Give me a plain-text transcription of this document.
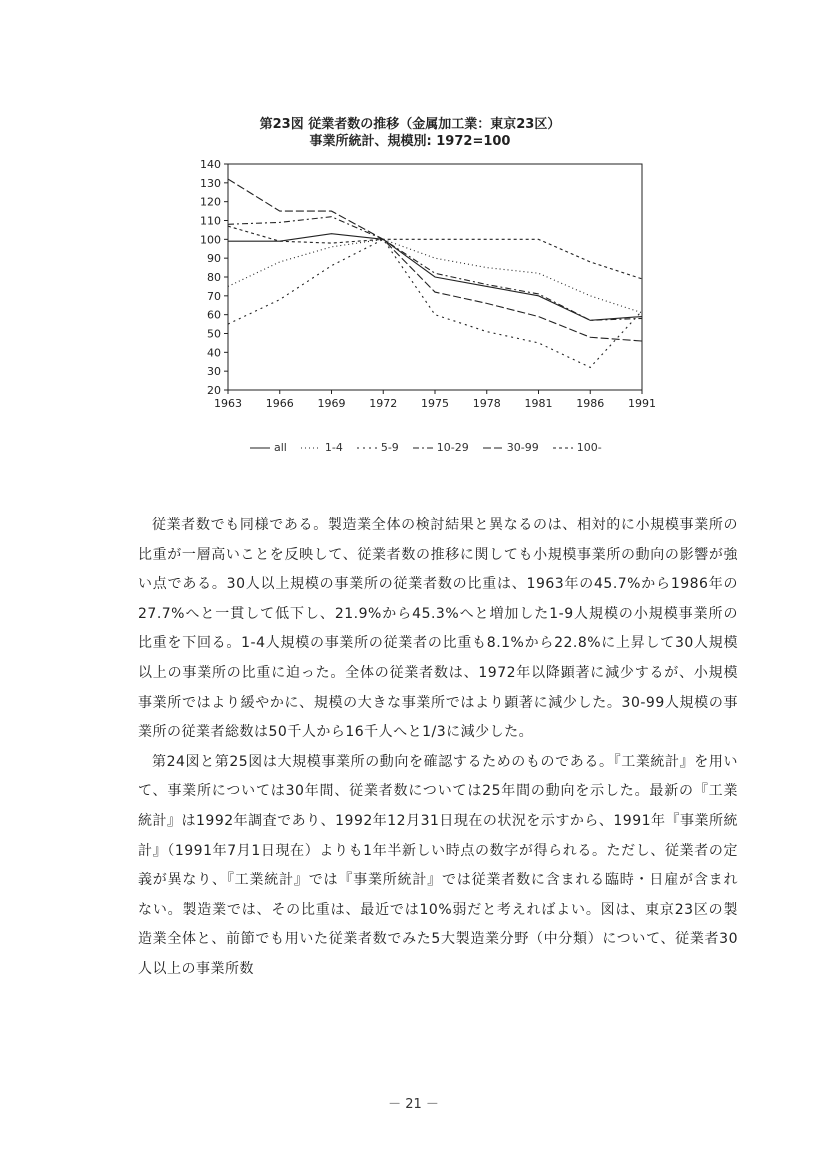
第23図 従業者数の推移（金属加工業：東京23区）
事業所統計、規模別: 1972=100
140
130
120
110
100
90
80
70
60
50
40
30
20
1963 1966 1969 1972 1975 1978 1981 1986 1991
all	1-4	5-9	10-29	30-99	100-

従業者数でも同様である。製造業全体の検討結果と異なるのは、相対的に小規模事業所の比重が一層高いことを反映して、従業者数の推移に関しても小規模事業所の動向の影響が強い点である。30人以上規模の事業所の従業者数の比重は、1963年の45.7%から1986年の27.7%へと一貫して低下し、21.9%から45.3%へと増加した1-9人規模の小規模事業所の比重を下回る。1-4人規模の事業所の従業者の比重も8.1%から22.8%に上昇して30人規模以上の事業所の比重に迫った。全体の従業者数は、1972年以降顕著に減少するが、小規模事業所ではより緩やかに、規模の大きな事業所ではより顕著に減少した。30-99人規模の事業所の従業者総数は50千人から16千人へと1/3に減少した。

第24図と第25図は大規模事業所の動向を確認するためのものである。『工業統計』を用いて、事業所については30年間、従業者数については25年間の動向を示した。最新の『工業統計』は1992年調査であり、1992年12月31日現在の状況を示すから、1991年『事業所統計』（1991年7月1日現在）よりも1年半新しい時点の数字が得られる。ただし、従業者の定義が異なり、『工業統計』では『事業所統計』では従業者数に含まれる臨時・日雇が含まれない。製造業では、その比重は、最近では10%弱だと考えればよい。図は、東京23区の製造業全体と、前節でも用いた従業者数でみた5大製造業分野（中分類）について、従業者30人以上の事業所数

－ 21 －
